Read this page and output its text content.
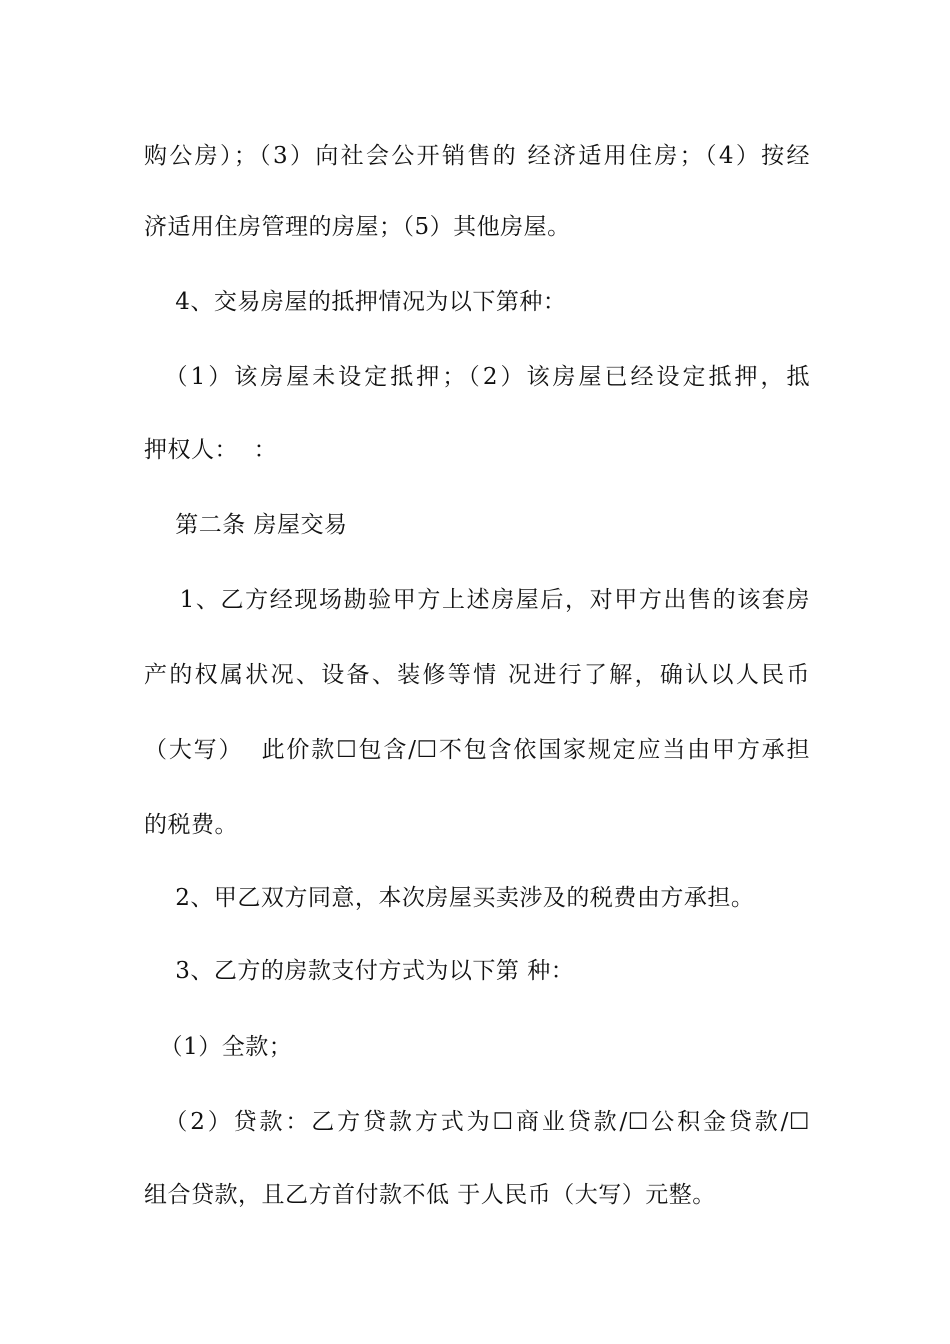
购公房）；（3）向社会公开销售的 经济适用住房；（4）按经
济适用住房管理的房屋；（5）其他房屋。
4、交易房屋的抵押情况为以下第种：
（1）该房屋未设定抵押；（2）该房屋已经设定抵押，抵
押权人：  ：
第二条 房屋交易
1、乙方经现场勘验甲方上述房屋后，对甲方出售的该套房
产的权属状况、设备、装修等情 况进行了解，确认以人民币
（大写）  此价款☐包含/☐不包含依国家规定应当由甲方承担
的税费。
2、甲乙双方同意，本次房屋买卖涉及的税费由方承担。
3、乙方的房款支付方式为以下第 种：
（1）全款；
（2）贷款：乙方贷款方式为☐商业贷款/☐公积金贷款/☐
组合贷款，且乙方首付款不低 于人民币（大写）元整。
